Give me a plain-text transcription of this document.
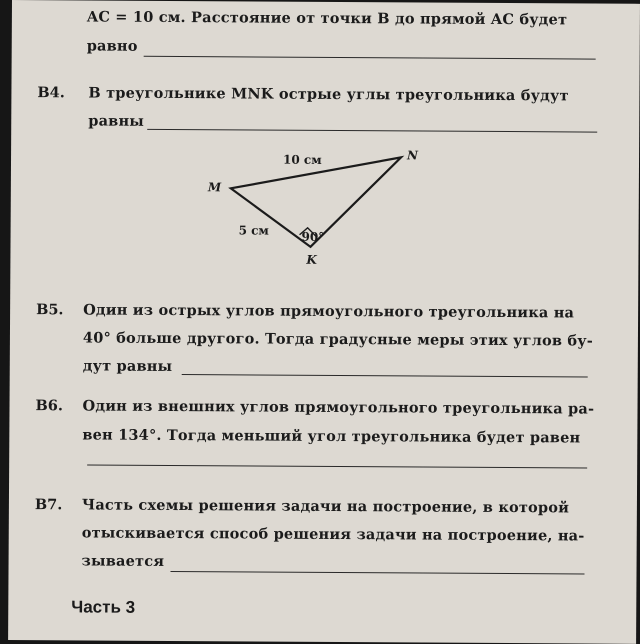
AC = 10 см. Расстояние от точки B до прямой AC будет
равно
B4. В треугольнике MNK острые углы треугольника будут
равны
M
N
K
10 см
5 см	90°
B5. Один из острых углов прямоугольного треугольника на
40° больше другого. Тогда градусные меры этих углов бу-
дут равны
B6. Один из внешних углов прямоугольного треугольника ра-
вен 134°. Тогда меньший угол треугольника будет равен
B7. Часть схемы решения задачи на построение, в которой
отыскивается способ решения задачи на построение, на-
зывается
Часть 3
